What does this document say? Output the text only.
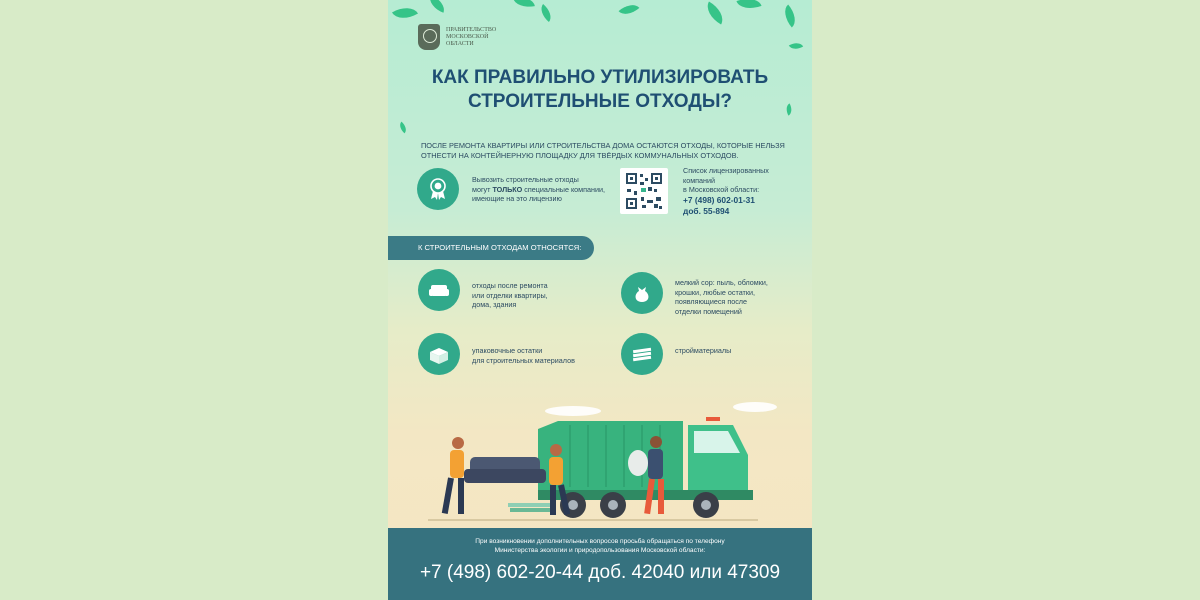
ПРАВИТЕЛЬСТВО МОСКОВСКОЙ ОБЛАСТИ
КАК ПРАВИЛЬНО УТИЛИЗИРОВАТЬ
СТРОИТЕЛЬНЫЕ ОТХОДЫ?
ПОСЛЕ РЕМОНТА КВАРТИРЫ ИЛИ СТРОИТЕЛЬСТВА ДОМА ОСТАЮТСЯ ОТХОДЫ, КОТОРЫЕ НЕЛЬЗЯ ОТНЕСТИ НА КОНТЕЙНЕРНУЮ ПЛОЩАДКУ ДЛЯ ТВЁРДЫХ КОММУНАЛЬНЫХ ОТХОДОВ.
Вывозить строительные отходы
могут ТОЛЬКО специальные компании,
имеющие на это лицензию
Список лицензированных
компаний
в Московской области:
+7 (498) 602-01-31
доб. 55-894
К СТРОИТЕЛЬНЫМ ОТХОДАМ ОТНОСЯТСЯ:
отходы после ремонта
или отделки квартиры,
дома, здания
мелкий сор: пыль, обломки,
крошки, любые остатки,
появляющиеся после
отделки помещений
упаковочные остатки
для строительных материалов
стройматериалы
При возникновении дополнительных вопросов просьба обращаться по телефону
Министерства экологии и природопользования Московской области:
+7 (498) 602-20-44 доб. 42040 или 47309
